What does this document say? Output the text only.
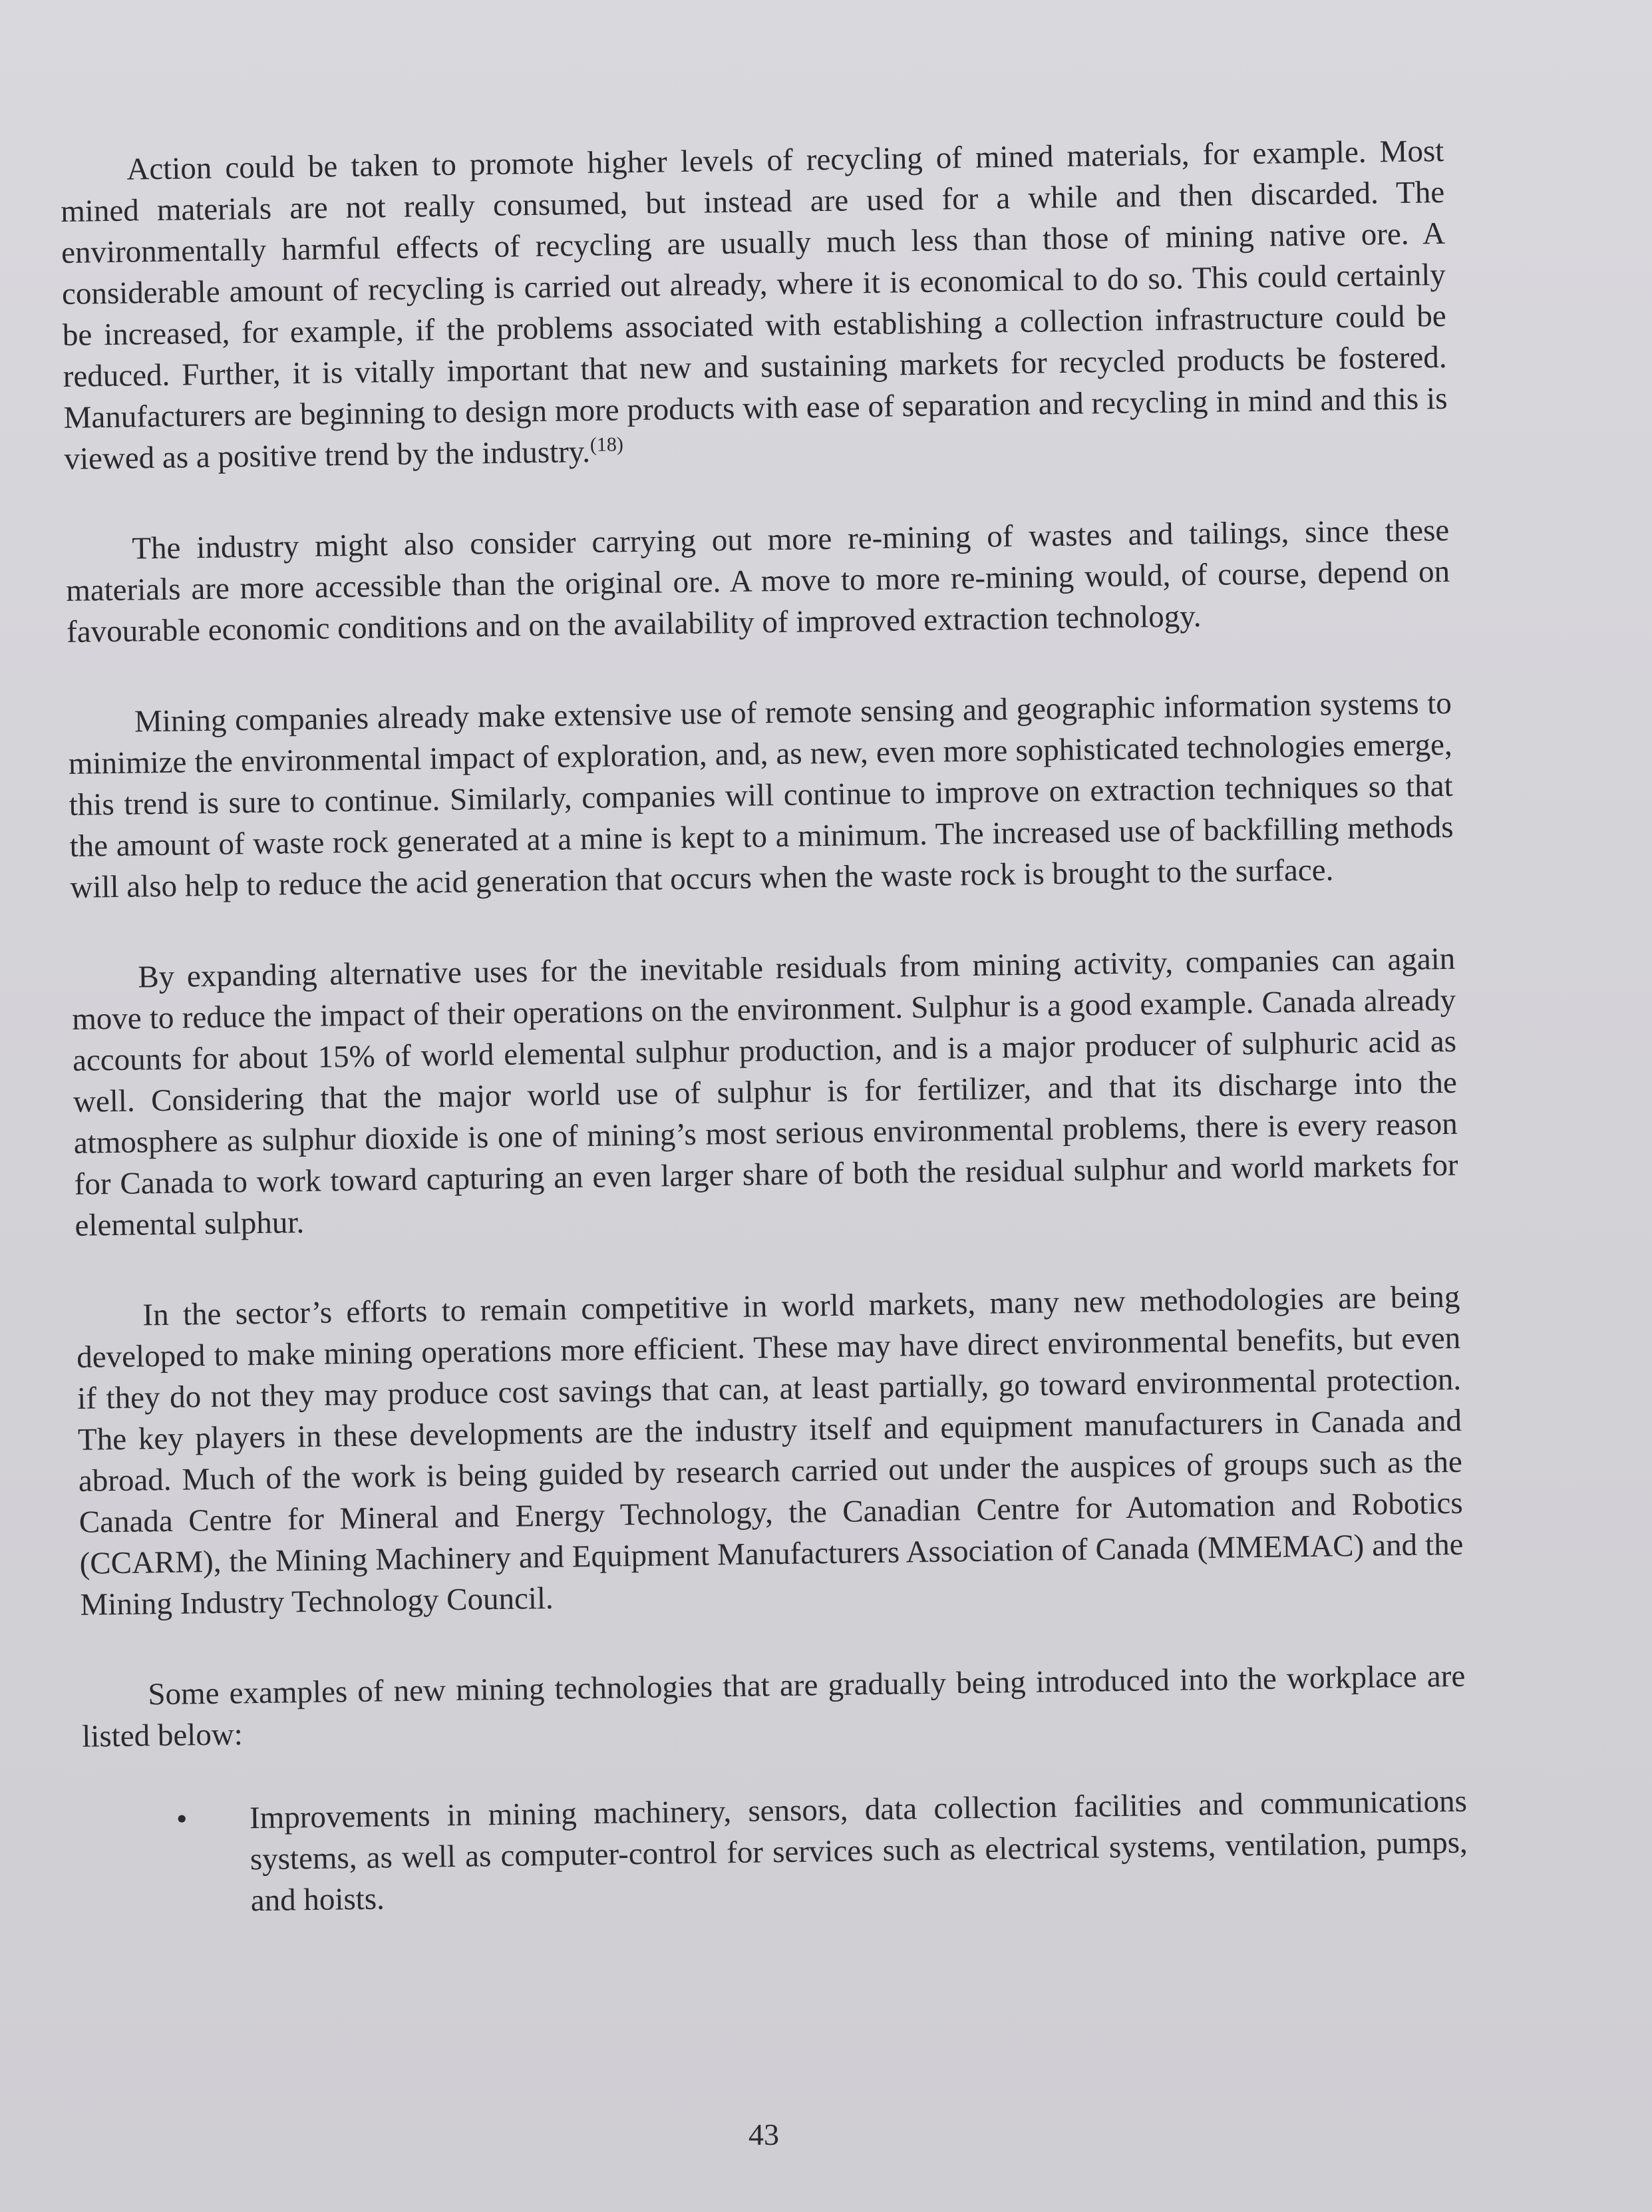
Action could be taken to promote higher levels of recycling of mined materials, for example. Most mined materials are not really consumed, but instead are used for a while and then discarded. The environmentally harmful effects of recycling are usually much less than those of mining native ore. A considerable amount of recycling is carried out already, where it is economical to do so. This could certainly be increased, for example, if the problems associated with establishing a collection infrastructure could be reduced. Further, it is vitally important that new and sustaining markets for recycled products be fostered. Manufacturers are beginning to design more products with ease of separation and recycling in mind and this is viewed as a positive trend by the industry.$^{(18)}$

The industry might also consider carrying out more re-mining of wastes and tailings, since these materials are more accessible than the original ore. A move to more re-mining would, of course, depend on favourable economic conditions and on the availability of improved extraction technology.

Mining companies already make extensive use of remote sensing and geographic information systems to minimize the environmental impact of exploration, and, as new, even more sophisticated technologies emerge, this trend is sure to continue. Similarly, companies will continue to improve on extraction techniques so that the amount of waste rock generated at a mine is kept to a minimum. The increased use of backfilling methods will also help to reduce the acid generation that occurs when the waste rock is brought to the surface.

By expanding alternative uses for the inevitable residuals from mining activity, companies can again move to reduce the impact of their operations on the environment. Sulphur is a good example. Canada already accounts for about 15% of world elemental sulphur production, and is a major producer of sulphuric acid as well. Considering that the major world use of sulphur is for fertilizer, and that its discharge into the atmosphere as sulphur dioxide is one of mining’s most serious environmental problems, there is every reason for Canada to work toward capturing an even larger share of both the residual sulphur and world markets for elemental sulphur.

In the sector’s efforts to remain competitive in world markets, many new methodologies are being developed to make mining operations more efficient. These may have direct environmental benefits, but even if they do not they may produce cost savings that can, at least partially, go toward environmental protection. The key players in these developments are the industry itself and equipment manufacturers in Canada and abroad. Much of the work is being guided by research carried out under the auspices of groups such as the Canada Centre for Mineral and Energy Technology, the Canadian Centre for Automation and Robotics (CCARM), the Mining Machinery and Equipment Manufacturers Association of Canada (MMEMAC) and the Mining Industry Technology Council.

Some examples of new mining technologies that are gradually being introduced into the workplace are listed below:

• Improvements in mining machinery, sensors, data collection facilities and communications systems, as well as computer-control for services such as electrical systems, ventilation, pumps, and hoists.
43
